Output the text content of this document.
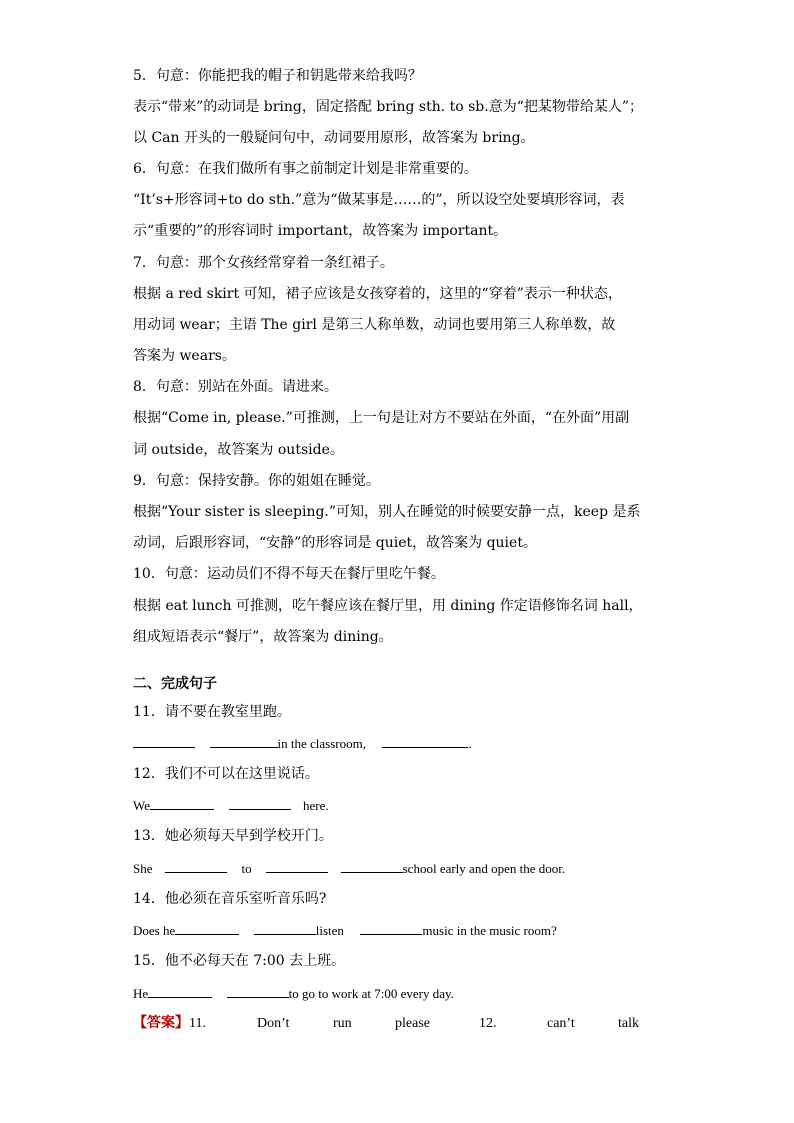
5．句意：你能把我的帽子和钥匙带来给我吗？
表示“带来”的动词是 bring，固定搭配 bring sth. to sb.意为“把某物带给某人”；
以 Can 开头的一般疑问句中，动词要用原形，故答案为 bring。
6．句意：在我们做所有事之前制定计划是非常重要的。
“It’s+形容词+to do sth.”意为“做某事是……的”，所以设空处要填形容词，表
示“重要的”的形容词时 important，故答案为 important。
7．句意：那个女孩经常穿着一条红裙子。
根据 a red skirt 可知，裙子应该是女孩穿着的，这里的“穿着”表示一种状态，
用动词 wear；主语 The girl 是第三人称单数，动词也要用第三人称单数，故
答案为 wears。
8．句意：别站在外面。请进来。
根据“Come in, please.”可推测，上一句是让对方不要站在外面，“在外面”用副
词 outside，故答案为 outside。
9．句意：保持安静。你的姐姐在睡觉。
根据“Your sister is sleeping.”可知，别人在睡觉的时候要安静一点，keep 是系
动词，后跟形容词，“安静”的形容词是 quiet，故答案为 quiet。
10．句意：运动员们不得不每天在餐厅里吃午餐。
根据 eat lunch 可推测，吃午餐应该在餐厅里，用 dining 作定语修饰名词 hall，
组成短语表示“餐厅”，故答案为 dining。
二、完成句子
11．请不要在教室里跑。
in the classroom,	.
12．我们不可以在这里说话。
We	here.
13．她必须每天早到学校开门。
She	to	school early and open the door.
14．他必须在音乐室听音乐吗?
Does he	listen	music in the music room?
15．他不必每天在 7:00 去上班。
He	to go to work at 7:00 every day.
【答案】11.	Don’t	run	please	12.	can’t	talk
